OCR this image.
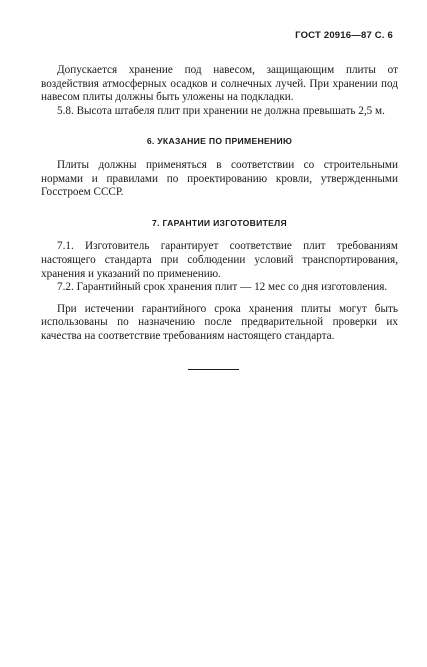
ГОСТ 20916—87 С. 6

Допускается хранение под навесом, защищающим плиты от воздействия атмосферных осадков и солнечных лучей. При хранении под навесом плиты должны быть уложены на подкладки.

5.8. Высота штабеля плит при хранении не должна превышать 2,5 м.

6. УКАЗАНИЕ ПО ПРИМЕНЕНИЮ

Плиты должны применяться в соответствии со строительными нормами и правилами по проектированию кровли, утвержденными Госстроем СССР.

7. ГАРАНТИИ ИЗГОТОВИТЕЛЯ

7.1. Изготовитель гарантирует соответствие плит требованиям настоящего стандарта при соблюдении условий транспортирования, хранения и указаний по применению.

7.2. Гарантийный срок хранения плит — 12 мес со дня изготовления.

При истечении гарантийного срока хранения плиты могут быть использованы по назначению после предварительной проверки их качества на соответствие требованиям настоящего стандарта.
